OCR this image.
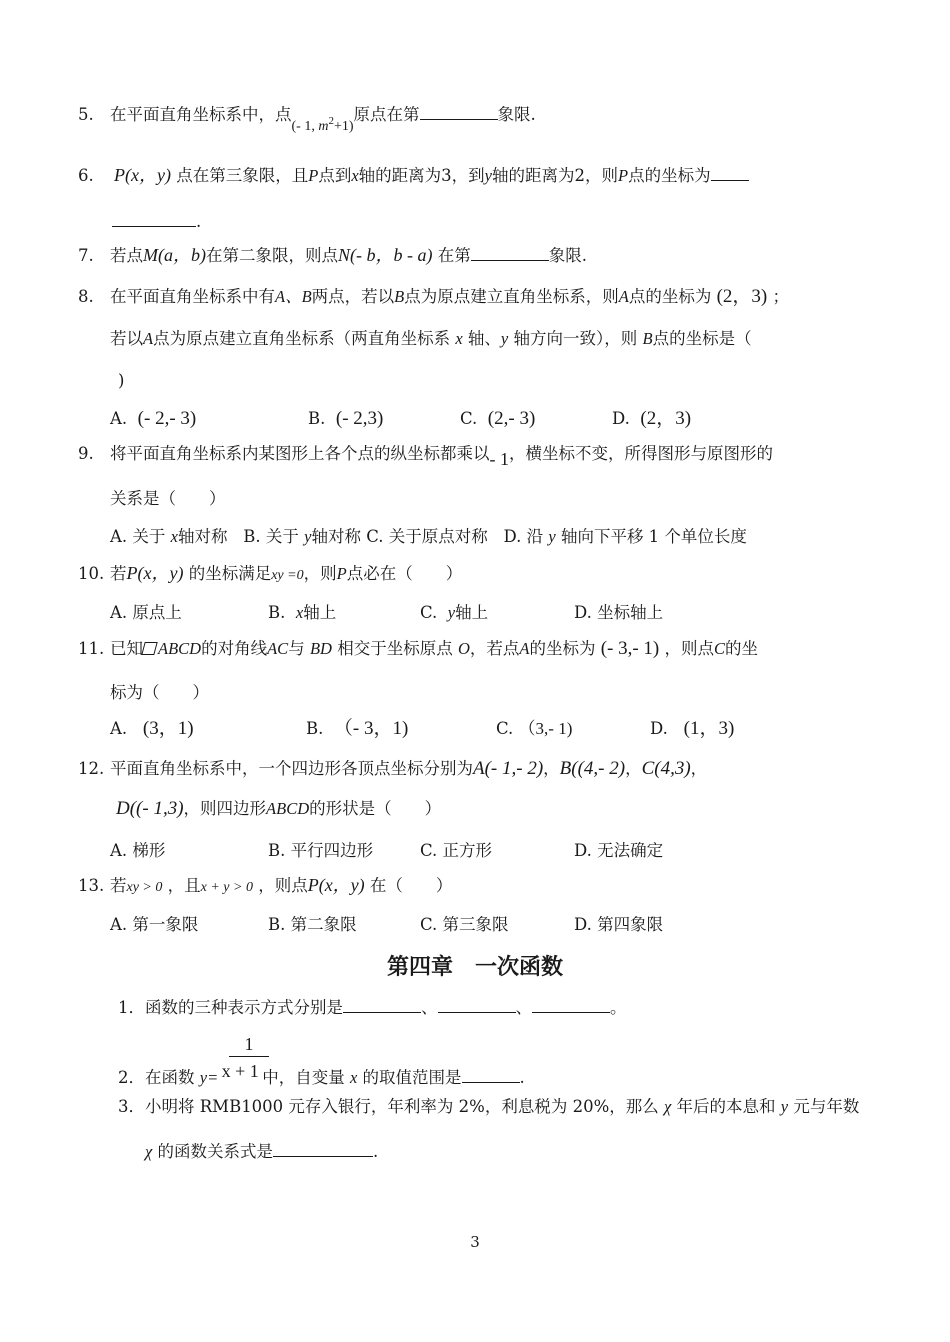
5. 在平面直角坐标系中，点$_{(- 1, m^2+1)}$原点在第	象限.
6. P(x，y) 点在第三象限，且P点到x轴的距离为3，到y轴的距离为2，则P点的坐标为
.
7. 若点M(a，b)在第二象限，则点N(- b，b - a) 在第	象限.
8. 在平面直角坐标系中有A、B两点，若以B点为原点建立直角坐标系，则A点的坐标为 (2，3) ；
若以A点为原点建立直角坐标系（两直角坐标系 x 轴、y 轴方向一致），则 B点的坐标是（
)
A. (- 2,- 3)	B. (- 2,3)	C. (2,- 3)	D. (2，3)
9. 将平面直角坐标系内某图形上各个点的纵坐标都乘以- 1，横坐标不变，所得图形与原图形的
关系是（　　）
A. 关于 x轴对称 B. 关于 y轴对称 C. 关于原点对称 D. 沿 y 轴向下平移 1 个单位长度
10. 若P(x，y) 的坐标满足xy =0，则P点必在（　　）
A. 原点上	B. x轴上	C. y轴上	D. 坐标轴上
11. 已知 ABCD的对角线AC与 BD 相交于坐标原点 O，若点A的坐标为 (- 3,- 1) ，则点C的坐
标为（　　）
A. (3，1)	B. （- 3，1)	C. （3,- 1)	D. (1，3)
12. 平面直角坐标系中，一个四边形各顶点坐标分别为A(- 1,- 2)，B((4,- 2)，C(4,3)，
D((- 1,3)，则四边形ABCD的形状是（　　）
A. 梯形	B. 平行四边形	C. 正方形	D. 无法确定
13. 若xy > 0 ，且x + y > 0 ，则点P(x，y) 在（　　）
A. 第一象限	B. 第二象限	C. 第三象限	D. 第四象限
第四章　一次函数
1．函数的三种表示方式分别是	、	、	。
1
2．在函数 y= x + 1 中，自变量 x 的取值范围是	.
3．小明将 RMB1000 元存入银行，年利率为 2%，利息税为 20%，那么 χ 年后的本息和 y 元与年数
χ 的函数关系式是	.
3
